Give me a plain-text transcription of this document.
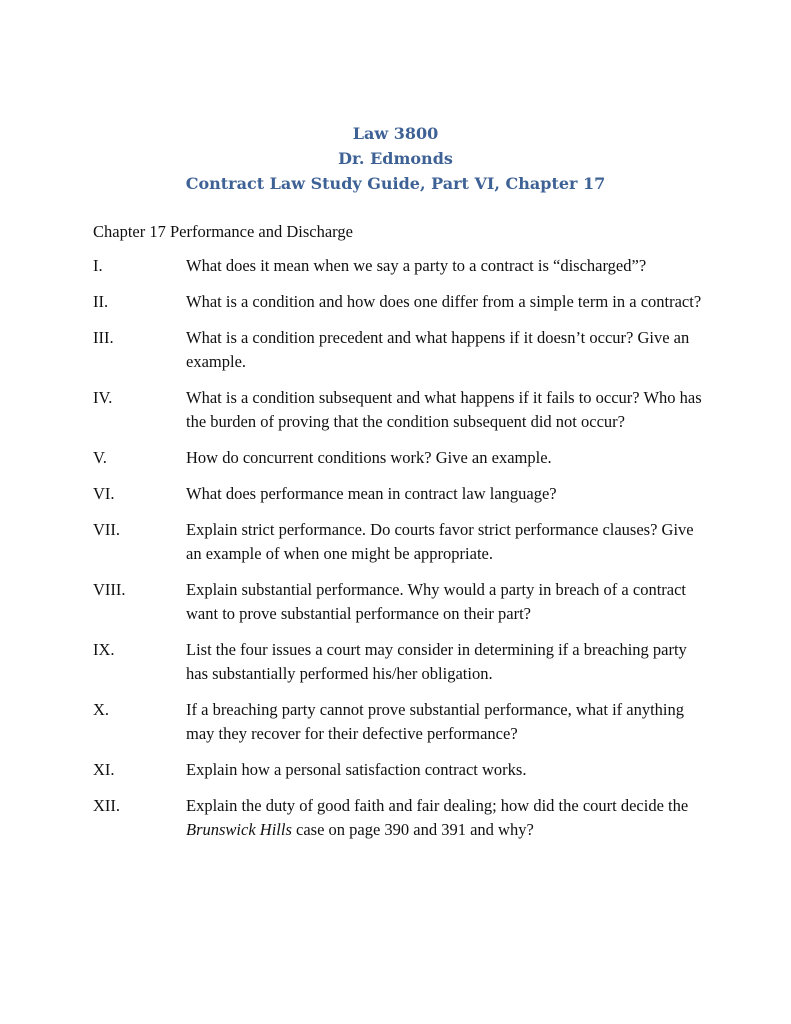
Law 3800
Dr. Edmonds
Contract Law Study Guide, Part VI, Chapter 17
Chapter 17 Performance and Discharge
I.	What does it mean when we say a party to a contract is “discharged”?
II.	What is a condition and how does one differ from a simple term in a contract?
III.	What is a condition precedent and what happens if it doesn’t occur? Give an example.
IV.	What is a condition subsequent and what happens if it fails to occur? Who has the burden of proving that the condition subsequent did not occur?
V.	How do concurrent conditions work? Give an example.
VI.	What does performance mean in contract law language?
VII.	Explain strict performance. Do courts favor strict performance clauses? Give an example of when one might be appropriate.
VIII.	Explain substantial performance. Why would a party in breach of a contract want to prove substantial performance on their part?
IX.	List the four issues a court may consider in determining if a breaching party has substantially performed his/her obligation.
X.	If a breaching party cannot prove substantial performance, what if anything may they recover for their defective performance?
XI.	Explain how a personal satisfaction contract works.
XII.	Explain the duty of good faith and fair dealing; how did the court decide the Brunswick Hills case on page 390 and 391 and why?
